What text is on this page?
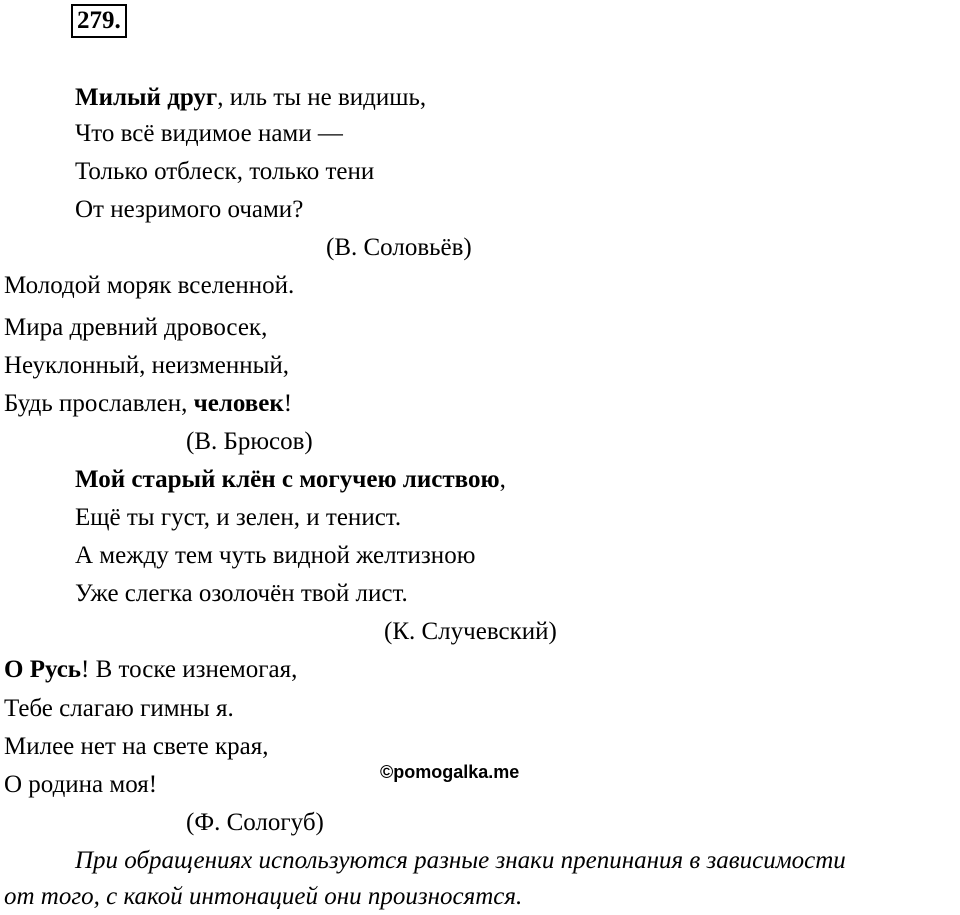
279.
Милый друг, иль ты не видишь,
Что всё видимое нами —
Только отблеск, только тени
От незримого очами?
(В. Соловьёв)
Молодой моряк вселенной.
Мира древний дровосек,
Неуклонный, неизменный,
Будь прославлен, человек!
(В. Брюсов)
Мой старый клён с могучею листвою,
Ещё ты густ, и зелен, и тенист.
А между тем чуть видной желтизною
Уже слегка озолочён твой лист.
(К. Случевский)
О Русь! В тоске изнемогая,
Тебе слагаю гимны я.
Милее нет на свете края,
О родина моя!
(Ф. Сологуб)
©pomogalka.me
При обращениях используются разные знаки препинания в зависимости
от того, с какой интонацией они произносятся.
